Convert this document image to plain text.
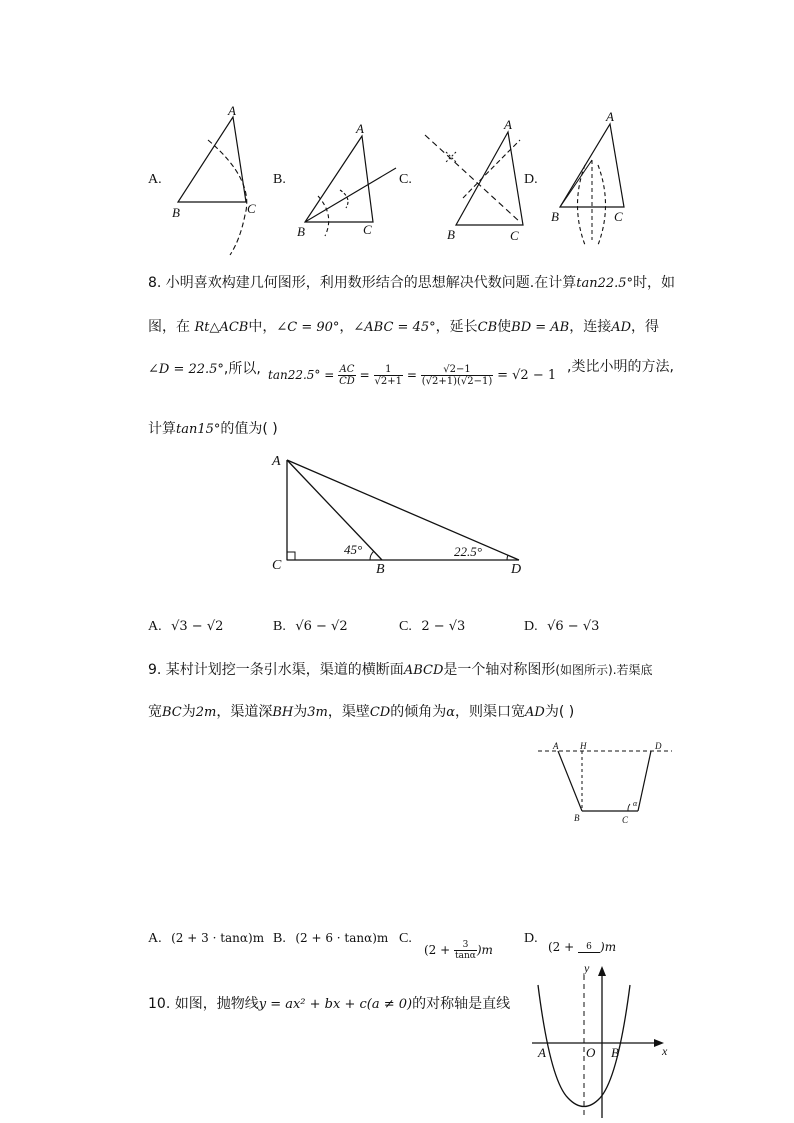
A.
A
B	C
B.
A
B	C
C.
A
B	C
D.
A
B	C
8. 小明喜欢构建几何图形，利用数形结合的思想解决代数问题.在计算tan22.5°时，如
图，在 Rt△ACB中，∠C = 90°，∠ABC = 45°，延长CB使BD = AB，连接AD，得
∠D = 22.5°,所以, $\tan 22.5^\circ = \frac{AC}{CD} = \frac{1}{√2+1} = \frac{√2-1}{(√2+1)(√2-1)} = √2 - 1$
,类比小明的方法,
计算tan15°的值为( )
A
C	B	D
45°	22.5°
A. √3 − √2	B. √6 − √2	C. 2 − √3	D. √6 − √3
9. 某村计划挖一条引水渠，渠道的横断面ABCD是一个轴对称图形(如图所示).若渠底
宽BC为2m，渠道深BH为3m，渠壁CD的倾角为α，则渠口宽AD为( )
A H	D
B	C
α
A. (2 + 3 · tanα)m B. (2 + 6 · tanα)m C.
$(2 + \frac{3}{\tan\alpha} )m$
D.
(2 +	6 )m
10. 如图，抛物线y = ax² + bx + c(a ≠ 0)的对称轴是直线
y
x
A	O B
